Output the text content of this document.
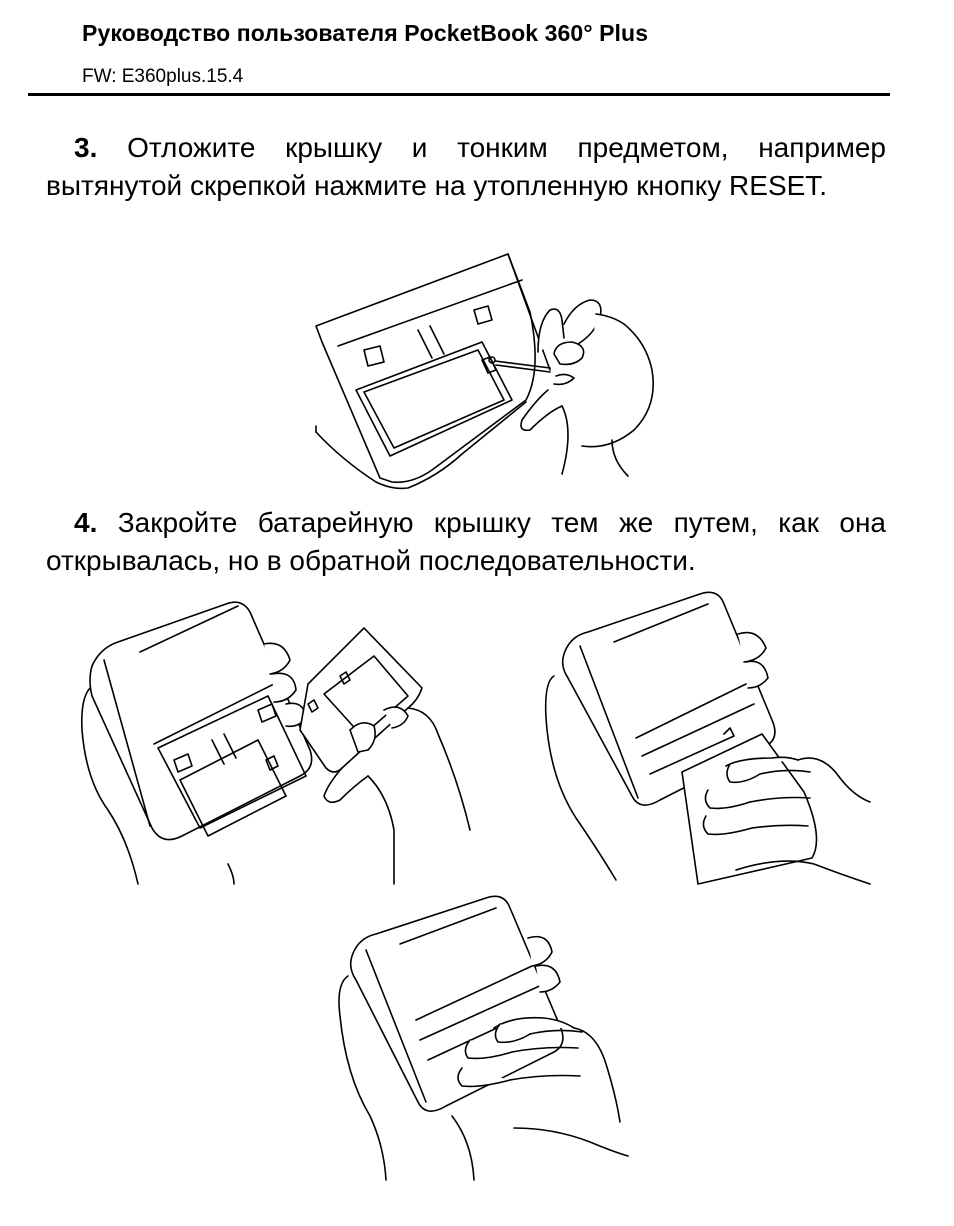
Руководство пользователя PocketBook 360° Plus
FW: E360plus.15.4
3. Отложите крышку и тонким предметом, например вытянутой скрепкой нажмите на утопленную кнопку RESET.
4. Закройте батарейную крышку тем же путем, как она открывалась, но в обратной последовательности.
